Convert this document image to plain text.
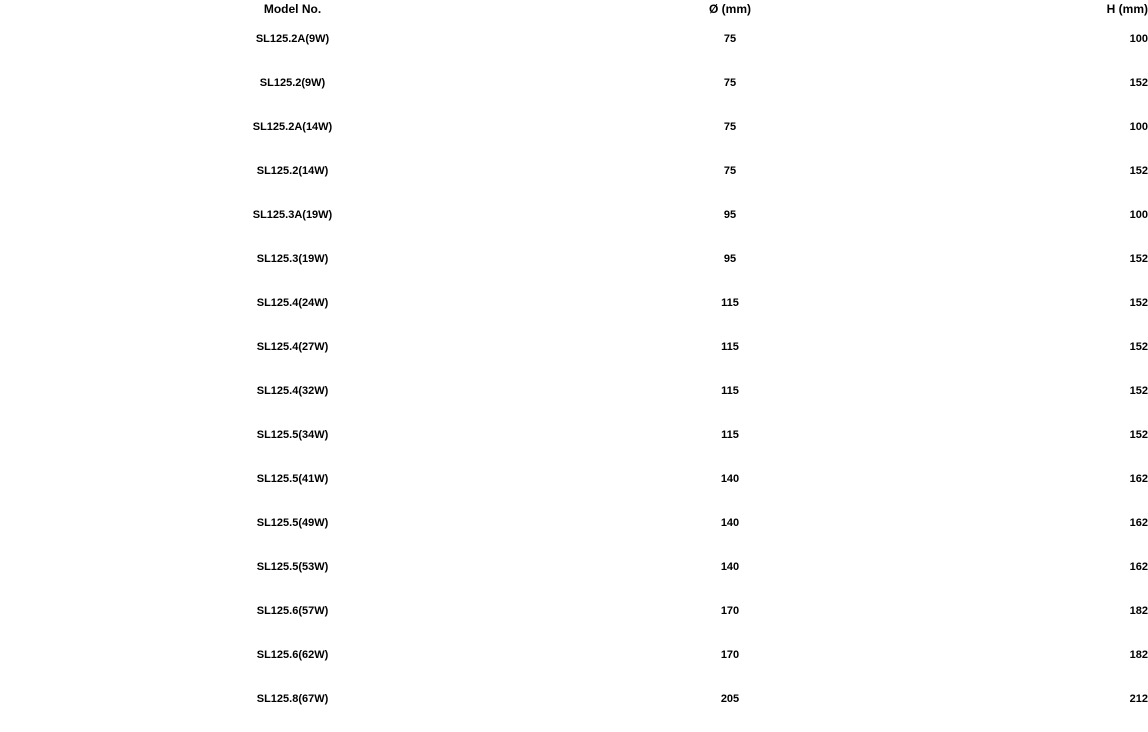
Model No.	Ø (mm)	H (mm)
SL125.2A(9W)	75	100
SL125.2(9W)	75	152
SL125.2A(14W)	75	100
SL125.2(14W)	75	152
SL125.3A(19W)	95	100
SL125.3(19W)	95	152
SL125.4(24W)	115	152
SL125.4(27W)	115	152
SL125.4(32W)	115	152
SL125.5(34W)	115	152
SL125.5(41W)	140	162
SL125.5(49W)	140	162
SL125.5(53W)	140	162
SL125.6(57W)	170	182
SL125.6(62W)	170	182
SL125.8(67W)	205	212
